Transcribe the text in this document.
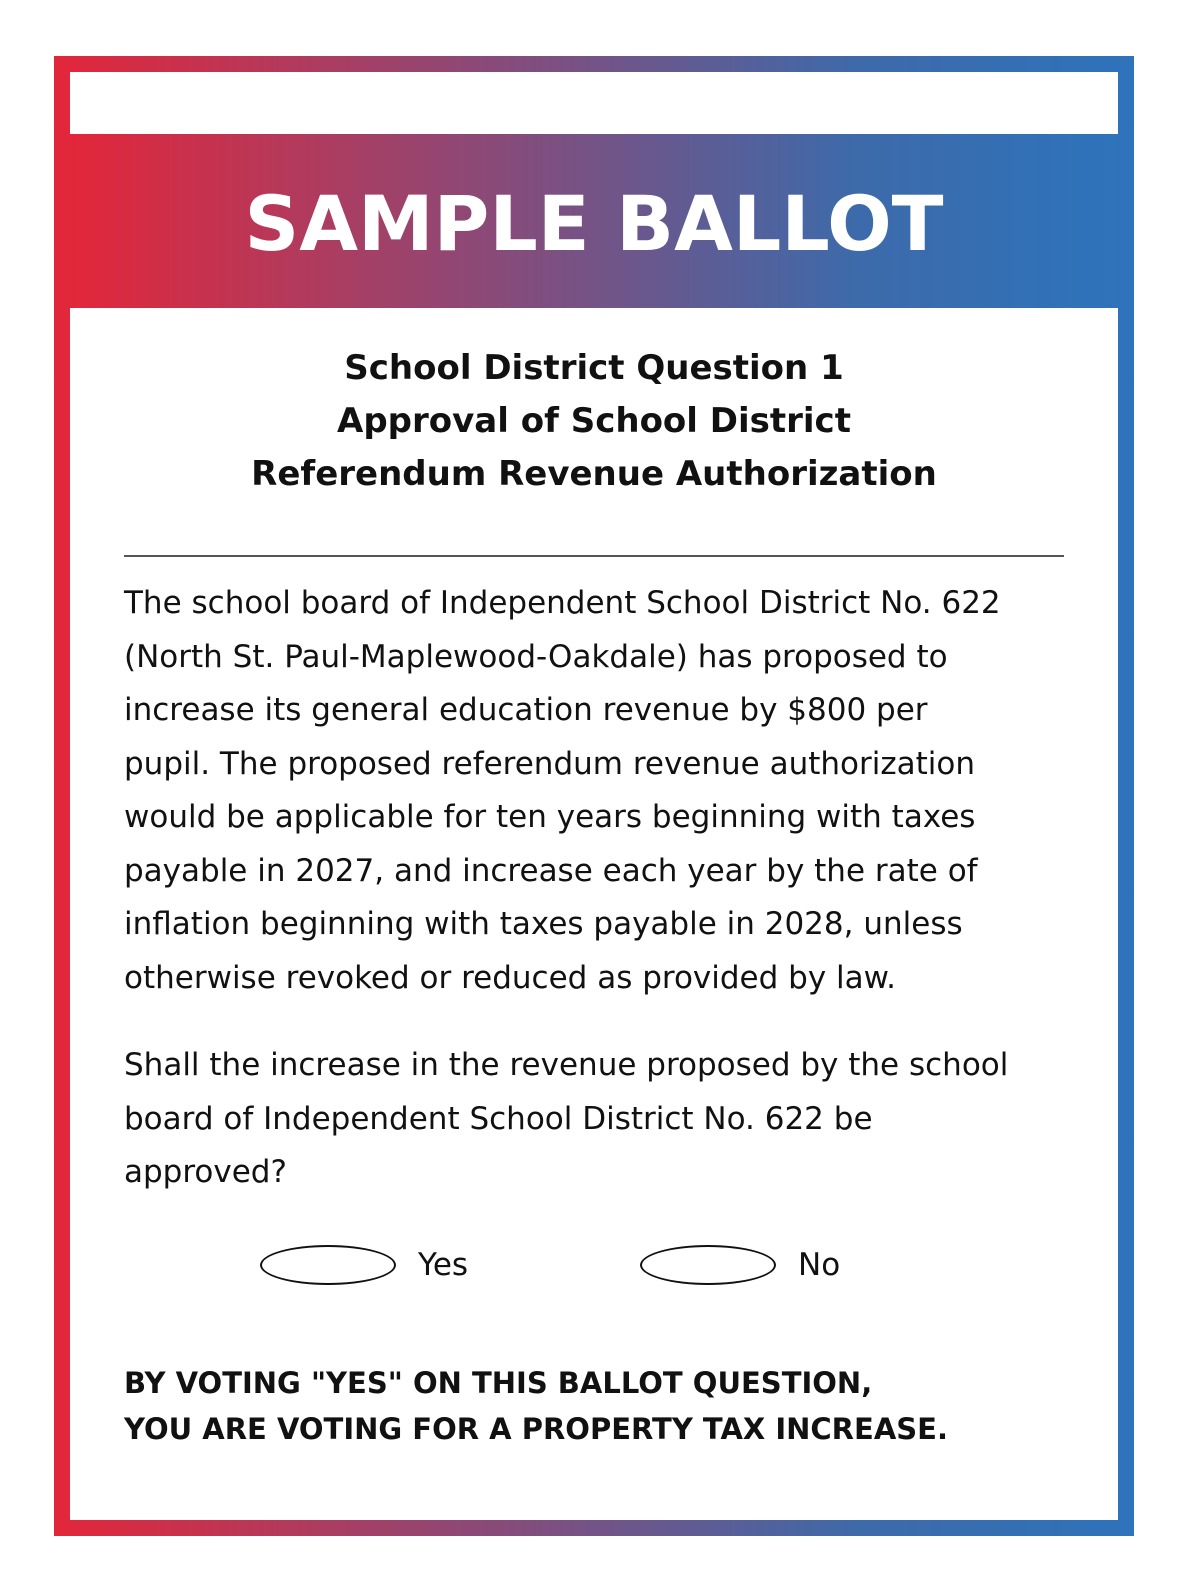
SAMPLE BALLOT
School District Question 1
Approval of School District
Referendum Revenue Authorization
The school board of Independent School District No. 622
(North St. Paul-Maplewood-Oakdale) has proposed to
increase its general education revenue by $800 per
pupil. The proposed referendum revenue authorization
would be applicable for ten years beginning with taxes
payable in 2027, and increase each year by the rate of
inflation beginning with taxes payable in 2028, unless
otherwise revoked or reduced as provided by law.
Shall the increase in the revenue proposed by the school
board of Independent School District No. 622 be
approved?
Yes	No
BY VOTING "YES" ON THIS BALLOT QUESTION,
YOU ARE VOTING FOR A PROPERTY TAX INCREASE.
